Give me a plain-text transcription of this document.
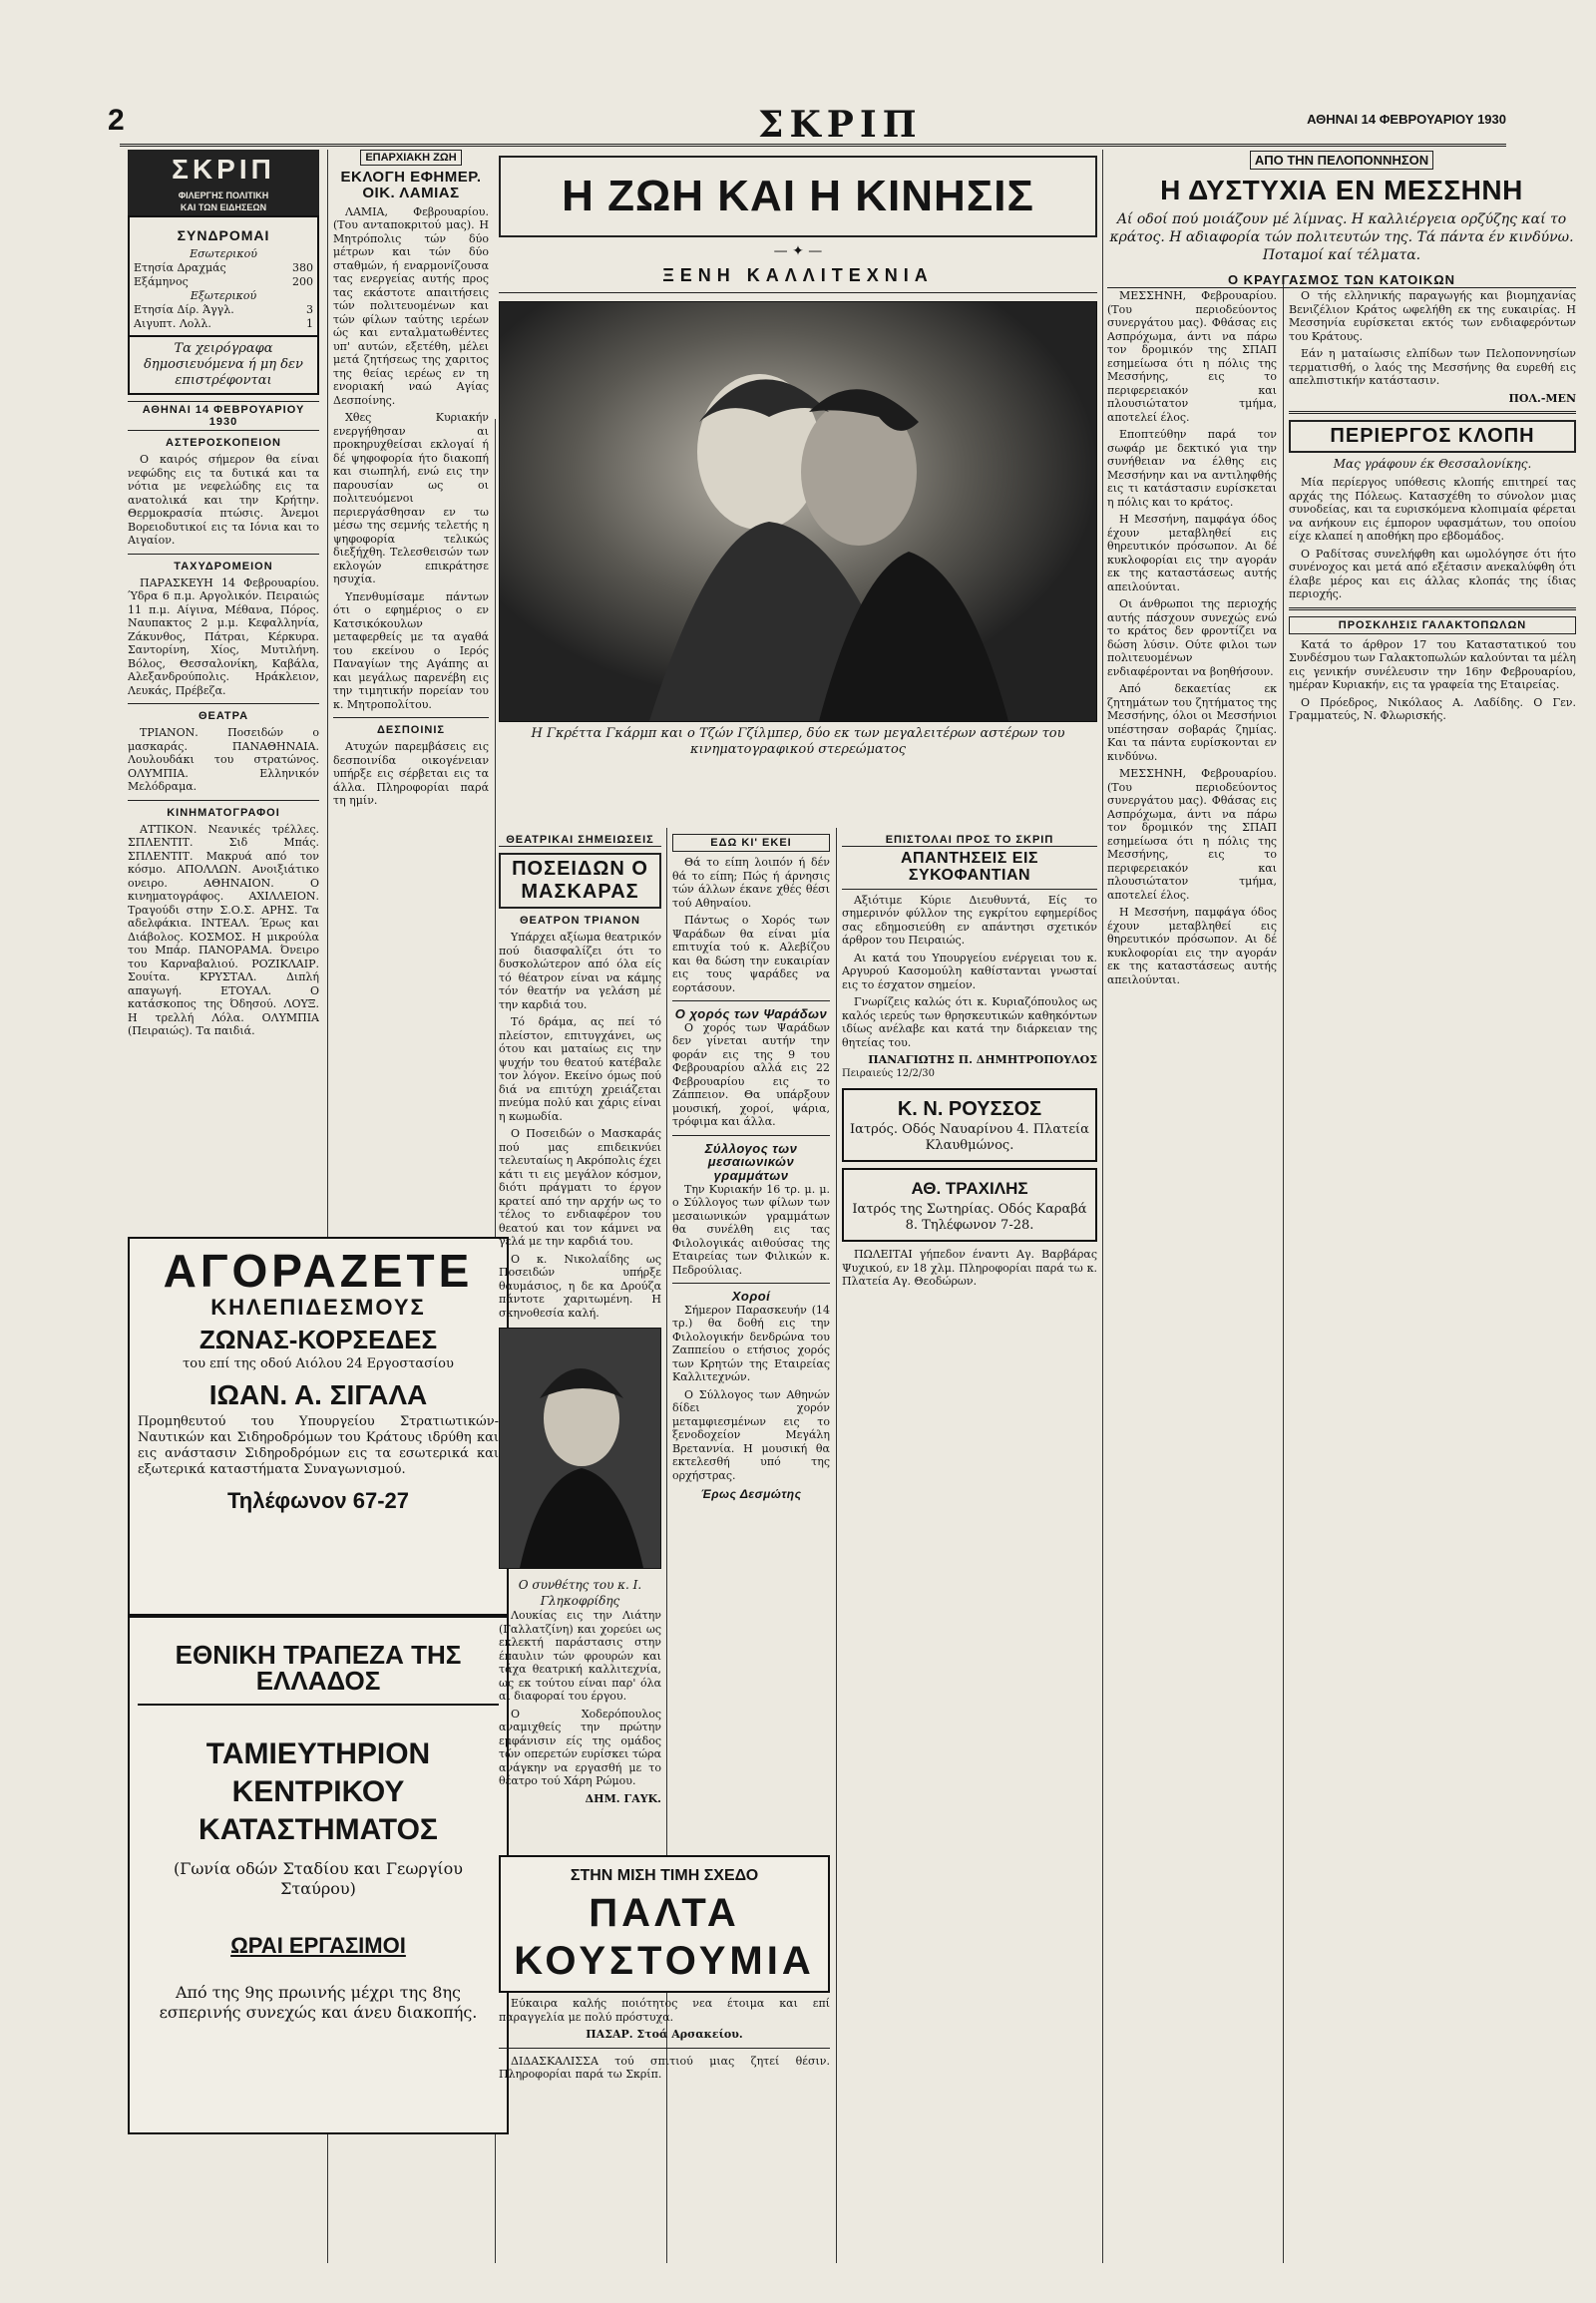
2	ΣΚΡΙΠ	ΑΘΗΝΑΙ 14 ΦΕΒΡΟΥΑΡΙΟΥ 1930
ΣΚΡΙΠ
ΦΙΛΕΡΓΗΣ ΠΟΛΙΤΙΚΗ
ΚΑΙ ΤΩΝ ΕΙΔΗΣΕΩΝ
ΣΥΝΔΡΟΜΑΙ
Εσωτερικού
Ετησία Δραχμάς	380
Εξάμηνος	200
Εξωτερικού
Ετησία Δίρ. Άγγλ.	3
Αιγυπτ. Λολλ.	1
Τα χειρόγραφα δημοσιευόμενα ή μη δεν επιστρέφονται
ΑΘΗΝΑΙ 14 ΦΕΒΡΟΥΑΡΙΟΥ 1930
ΑΣΤΕΡΟΣΚΟΠΕΙΟΝ

Ο καιρός σήμερον θα είναι νεφώδης εις τα δυτικά και τα νότια με νεφελώδης εις τα ανατολικά και την Κρήτην. Θερμοκρασία πτώσις. Άνεμοι Βορειοδυτικοί εις τα Ιόνια και το Αιγαίον.

ΤΑΧΥΔΡΟΜΕΙΟΝ

ΠΑΡΑΣΚΕΥΗ 14 Φεβρουαρίου. Ύδρα 6 π.μ. Αργολικόν. Πειραιώς 11 π.μ. Αίγινα, Μέθανα, Πόρος. Ναυπακτος 2 μ.μ. Κεφαλληνία, Ζάκυνθος, Πάτραι, Κέρκυρα. Σαντορίνη, Χίος, Μυτιλήνη. Βόλος, Θεσσαλονίκη, Καβάλα, Αλεξανδρούπολις. Ηράκλειον, Λευκάς, Πρέβεζα.

ΘΕΑΤΡΑ

ΤΡΙΑΝΟΝ. Ποσειδών ο μασκαράς. ΠΑΝΑΘΗΝΑΙΑ. Λουλουδάκι του στρατώνος. ΟΛΥΜΠΙΑ. Ελληνικόν Μελόδραμα.

ΚΙΝΗΜΑΤΟΓΡΑΦΟΙ

ΑΤΤΙΚΟΝ. Νεανικές τρέλλες. ΣΠΛΕΝΤΙΤ. Σιδ Μπάς. ΣΠΛΕΝΤΙΤ. Μακρυά από τον κόσμο. ΑΠΟΛΛΩΝ. Ανοιξιάτικο ονειρο. ΑΘΗΝΑΙΟΝ. Ο κινηματογράφος. ΑΧΙΛΛΕΙΟΝ. Τραγούδι στην Σ.Ο.Σ. ΑΡΗΣ. Τα αδελφάκια. ΙΝΤΕΑΛ. Έρως και Διάβολος. ΚΟΣΜΟΣ. Η μικρούλα του Μπάρ. ΠΑΝΟΡΑΜΑ. Όνειρο του Καρναβαλιού. ΡΟΖΙΚΛΑΙΡ. Σουίτα. ΚΡΥΣΤΑΛ. Διπλή απαγωγή. ΕΤΟΥΑΛ. Ο κατάσκοπος της Όδησού. ΛΟΥΞ. Η τρελλή Λόλα. ΟΛΥΜΠΙΑ (Πειραιώς). Τα παιδιά.

ΑΓΟΡΑΖΕΤΕ
ΚΗΛΕΠΙΔΕΣΜΟΥΣ
ΖΩΝΑΣ-ΚΟΡΣΕΔΕΣ
του επί της οδού Αιόλου 24 Εργοστασίου
ΙΩΑΝ. Α. ΣΙΓΑΛΑ
Προμηθευτού του Υπουργείου Στρατιωτικών-Ναυτικών και Σιδηροδρόμων του Κράτους ιδρύθη και εις ανάστασιν Σιδηροδρόμων εις τα εσωτερικά και εξωτερικά καταστήματα Συναγωνισμού.
Τηλέφωνον 67-27
ΕΘΝΙΚΗ ΤΡΑΠΕΖΑ ΤΗΣ ΕΛΛΑΔΟΣ
ΤΑΜΙΕΥΤΗΡΙΟΝ ΚΕΝΤΡΙΚΟΥ ΚΑΤΑΣΤΗΜΑΤΟΣ
(Γωνία οδών Σταδίου και Γεωργίου Σταύρου)
ΩΡΑΙ ΕΡΓΑΣΙΜΟΙ
Από της 9ης πρωινής μέχρι της 8ης εσπερινής συνεχώς και άνευ διακοπής.
ΕΠΑΡΧΙΑΚΗ ΖΩΗ
ΕΚΛΟΓΗ ΕΦΗΜΕΡ. ΟΙΚ. ΛΑΜΙΑΣ

ΛΑΜΙΑ, Φεβρουαρίου. (Του ανταποκριτού μας). Η Μητρόπολις τών δύο μέτρων και τών δύο σταθμών, ή εναρμονίζουσα τας ενεργείας αυτής προς τας εκάστοτε απαιτήσεις τών πολιτευομένων και τών φίλων ταύτης ιερέων ώς και ενταλματωθέντες υπ' αυτών, εξετέθη, μέλει μετά ζητήσεως της χαριτος της θείας ιερέως εν τη ενοριακή ναώ Αγίας Δεσποίνης.

Χθες Κυριακήν ενεργήθησαν αι προκηρυχθείσαι εκλογαί ή δέ ψηφοφορία ήτο διακοπή και σιωπηλή, ενώ εις την παρουσίαν ως οι πολιτευόμενοι περιεργάσθησαν εν τω μέσω της σεμνής τελετής η ψηφοφορία τελικώς διεξήχθη. Τελεσθεισών των εκλογών επικράτησε ησυχία.

Υπενθυμίσαμε πάντων ότι ο εφημέριος ο εν Κατσικόκουλων μεταφερθείς με τα αγαθά του εκείνου ο Ιερός Παναγίων της Αγάπης αι και μεγάλως παρενέβη εις την τιμητικήν πορείαν του κ. Μητροπολίτου.

ΔΕΣΠΟΙΝΙΣ

Ατυχών παρεμβάσεις εις δεσποινίδα οικογένειαν υπήρξε εις σέρβεται εις τα άλλα. Πληροφορίαι παρά τη ημίν.

Η ΖΩΗ ΚΑΙ Η ΚΙΝΗΣΙΣ
— ✦ —
ΞΕΝΗ ΚΑΛΛΙΤΕΧΝΙΑ
Η Γκρέττα Γκάρμπ και ο Τζών Γζίλμπερ, δύο εκ των μεγαλειτέρων αστέρων του κινηματογραφικού στερεώματος
ΘΕΑΤΡΙΚΑΙ ΣΗΜΕΙΩΣΕΙΣ
ΠΟΣΕΙΔΩΝ Ο ΜΑΣΚΑΡΑΣ
ΘΕΑΤΡΟΝ ΤΡΙΑΝΟΝ

Υπάρχει αξίωμα θεατρικόν πού διασφαλίζει ότι το δυσκολώτερον από όλα είς τό θέατρον είναι να κάμης τόν θεατήν να γελάση μέ την καρδιά του.

Τό δράμα, ας πεί τό πλείστον, επιτυγχάνει, ως ότου και ματαίως εις την ψυχήν του θεατού κατέβαλε τον λόγον. Εκείνο όμως πού διά να επιτύχη χρειάζεται πνεύμα πολύ και χάρις είναι η κωμωδία.

Ο Ποσειδών ο Μασκαράς πού μας επιδεικνύει τελευταίως η Ακρόπολις έχει κάτι τι εις μεγάλον κόσμον, διότι πράγματι το έργον κρατεί από την αρχήν ως το τέλος το ενδιαφέρον του θεατού και τον κάμνει να γελά με την καρδιά του.

Ο κ. Νικολαΐδης ως Ποσειδών υπήρξε θαυμάσιος, η δε κα Δρούζα πάντοτε χαριτωμένη. Η σκηνοθεσία καλή.

Ο συνθέτης του κ. Ι. Γληκοφρίδης

Λουκίας εις την Λιάτην (Γαλλατζίνη) και χορεύει ως εκλεκτή παράστασις στην έπαυλιν τών φρουρών και τάχα θεατρική καλλιτεχνία, ως εκ τούτου είναι παρ' όλα αι διαφοραί του έργου.

Ο Χοδερόπουλος αναμιχθείς την πρώτην εμφάνισιν είς της ομάδος τών οπερετών ευρίσκει τώρα ανάγκην να εργασθή με το θέατρο τού Χάρη Ρώμου.

ΔΗΜ. ΓΑΥΚ.
ΕΔΩ ΚΙ' ΕΚΕΙ

Θά το είπη λοιπόν ή δέν θά το είπη; Πώς ή άρνησις τών άλλων έκανε χθές θέσι τού Αθηναίου.

Πάντως ο Χορός των Ψαράδων θα είναι μία επιτυχία τού κ. Αλεβίζου και θα δώση την ευκαιρίαν εις τους ψαράδες να εορτάσουν.

Ο χορός των Ψαράδων

Ο χορός των Ψαράδων δεν γίνεται αυτήν την φοράν εις της 9 του Φεβρουαρίου αλλά εις 22 Φεβρουαρίου εις το Ζάππειον. Θα υπάρξουν μουσική, χοροί, ψάρια, τρόφιμα και άλλα.

Σύλλογος των μεσαιωνικών γραμμάτων

Την Κυριακήν 16 τρ. μ. μ. ο Σύλλογος των φίλων των μεσαιωνικών γραμμάτων θα συνέλθη εις τας Φιλολογικάς αιθούσας της Εταιρείας των Φιλικών κ. Πεδρούλιας.

Χοροί

Σήμερον Παρασκευήν (14 τρ.) θα δοθή εις την Φιλολογικήν δενδρώνα του Ζαππείου ο ετήσιος χορός των Κρητών της Εταιρείας Καλλιτεχνών.

Ο Σύλλογος των Αθηνών δίδει χορόν μεταμφιεσμένων εις το ξενοδοχείον Μεγάλη Βρεταννία. Η μουσική θα εκτελεσθή υπό της ορχήστρας.

Έρως Δεσμώτης
ΕΠΙΣΤΟΛΑΙ ΠΡΟΣ ΤΟ ΣΚΡΙΠ
ΑΠΑΝΤΗΣΕΙΣ ΕΙΣ ΣΥΚΟΦΑΝΤΙΑΝ

Αξιότιμε Κύριε Διευθυντά, Είς το σημερινόν φύλλον της εγκρίτου εφημερίδος σας εδημοσιεύθη εν απάντησι σχετικόν άρθρον του Πειραιώς.

Αι κατά του Υπουργείου ενέργειαι του κ. Αργυρού Κασομούλη καθίστανται γνωσταί εις το έσχατον σημείον.

Γνωρίζεις καλώς ότι κ. Κυριαζόπουλος ως καλός ιερεύς των θρησκευτικών καθηκόντων ιδίως ανέλαβε και κατά την διάρκειαν της θητείας του.

ΠΑΝΑΓΙΩΤΗΣ Π. ΔΗΜΗΤΡΟΠΟΥΛΟΣ
Πειραιεύς 12/2/30
Κ. Ν. ΡΟΥΣΣΟΣ
Ιατρός. Οδός Ναυαρίνου 4. Πλατεία Κλαυθμώνος.
ΑΘ. ΤΡΑΧΙΛΗΣ
Ιατρός της Σωτηρίας. Οδός Καραβά 8. Τηλέφωνον 7-28.

ΠΩΛΕΙΤΑΙ γήπεδον έναντι Αγ. Βαρβάρας Ψυχικού, εν 18 χλμ. Πληροφορίαι παρά τω κ. Πλατεία Αγ. Θεοδώρων.

ΣΤΗΝ ΜΙΣΗ ΤΙΜΗ ΣΧΕΔΟ
ΠΑΛΤΑ
ΚΟΥΣΤΟΥΜΙΑ

Εύκαιρα καλής ποιότητος νεα έτοιμα και επί παραγγελία με πολύ πρόστυχα.

ΠΑΣΑΡ. Στοά Αρσακείου.

ΔΙΔΑΣΚΑΛΙΣΣΑ τού σπιτιού μιας ζητεί θέσιν. Πληροφορίαι παρά τω Σκρίπ.

ΑΠΟ ΤΗΝ ΠΕΛΟΠΟΝΝΗΣΟΝ
Η ΔΥΣΤΥΧΙΑ ΕΝ ΜΕΣΣΗΝΗ
Αί οδοί πού μοιάζουν μέ λίμνας. Η καλλιέργεια ορζύζης καί το κράτος. Η αδιαφορία τών πολιτευτών της. Τά πάντα έν κινδύνω. Ποταμοί καί τέλματα.
Ο ΚΡΑΥΓΑΣΜΟΣ ΤΩΝ ΚΑΤΟΙΚΩΝ

ΜΕΣΣΗΝΗ, Φεβρουαρίου. (Του περιοδεύοντος συνεργάτου μας). Φθάσας εις Ασπρόχωμα, άντι να πάρω τον δρομικόν της ΣΠΑΠ εσημείωσα ότι η πόλις της Μεσσήνης, εις το περιφερειακόν και πλουσιώτατον τμήμα, αποτελεί έλος.

Εποπτεύθην παρά τον σωφάρ με δεκτικό για την συνήθειαν να έλθης εις Μεσσήνην και να αντιληφθής εις τι κατάστασιν ευρίσκεται η πόλις και το κράτος.

Η Μεσσήνη, παμφάγα όδος έχουν μεταβληθεί εις θηρευτικόν πρόσωπον. Αι δέ κυκλοφορίαι εις την αγοράν εκ της καταστάσεως αυτής απειλούνται.

Οι άνθρωποι της περιοχής αυτής πάσχουν συνεχώς ενώ το κράτος δεν φροντίζει να δώση λύσιν. Ούτε φιλοι των πολιτευομένων ενδιαφέρονται να βοηθήσουν.

Από δεκαετίας εκ ζητημάτων του ζητήματος της Μεσσήνης, όλοι οι Μεσσήνιοι υπέστησαν σοβαράς ζημίας. Και τα πάντα ευρίσκονται εν κινδύνω.

ΜΕΣΣΗΝΗ, Φεβρουαρίου. (Του περιοδεύοντος συνεργάτου μας). Φθάσας εις Ασπρόχωμα, άντι να πάρω τον δρομικόν της ΣΠΑΠ εσημείωσα ότι η πόλις της Μεσσήνης, εις το περιφερειακόν και πλουσιώτατον τμήμα, αποτελεί έλος.

Η Μεσσήνη, παμφάγα όδος έχουν μεταβληθεί εις θηρευτικόν πρόσωπον. Αι δέ κυκλοφορίαι εις την αγοράν εκ της καταστάσεως αυτής απειλούνται.

Ο τής ελληνικής παραγωγής και βιομηχανίας Βενιζέλιον Κράτος ωφελήθη εκ της ευκαιρίας. Η Μεσσηνία ευρίσκεται εκτός των ενδιαφερόντων του Κράτους.

Εάν η ματαίωσις ελπίδων των Πελοποννησίων τερματισθή, ο λαός της Μεσσήνης θα ευρεθή εις απελπιστικήν κατάστασιν.

ΠΟΛ.-ΜΕΝ
ΠΕΡΙΕΡΓΟΣ ΚΛΟΠΗ
Μας γράφουν έκ Θεσσαλονίκης.

Μία περίεργος υπόθεσις κλοπής επιτηρεί τας αρχάς της Πόλεως. Κατασχέθη το σύνολον μιας συνοδείας, και τα ευρισκόμενα κλοπιμαία φέρεται να ανήκουν εις έμπορον υφασμάτων, του οποίου είχε κλαπεί η αποθήκη προ εβδομάδος.

Ο Ραδίτσας συνελήφθη και ωμολόγησε ότι ήτο συνένοχος και μετά από εξέτασιν ανεκαλύφθη ότι έλαβε μέρος και εις άλλας κλοπάς της ίδιας περιοχής.

ΠΡΟΣΚΛΗΣΙΣ ΓΑΛΑΚΤΟΠΩΛΩΝ

Κατά το άρθρον 17 του Καταστατικού του Συνδέσμου των Γαλακτοπωλών καλούνται τα μέλη εις γενικήν συνέλευσιν την 16ην Φεβρουαρίου, ημέραν Κυριακήν, εις τα γραφεία της Εταιρείας.

Ο Πρόεδρος, Νικόλαος Α. Λαδίδης. Ο Γεν. Γραμματεύς, Ν. Φλωρισκής.
